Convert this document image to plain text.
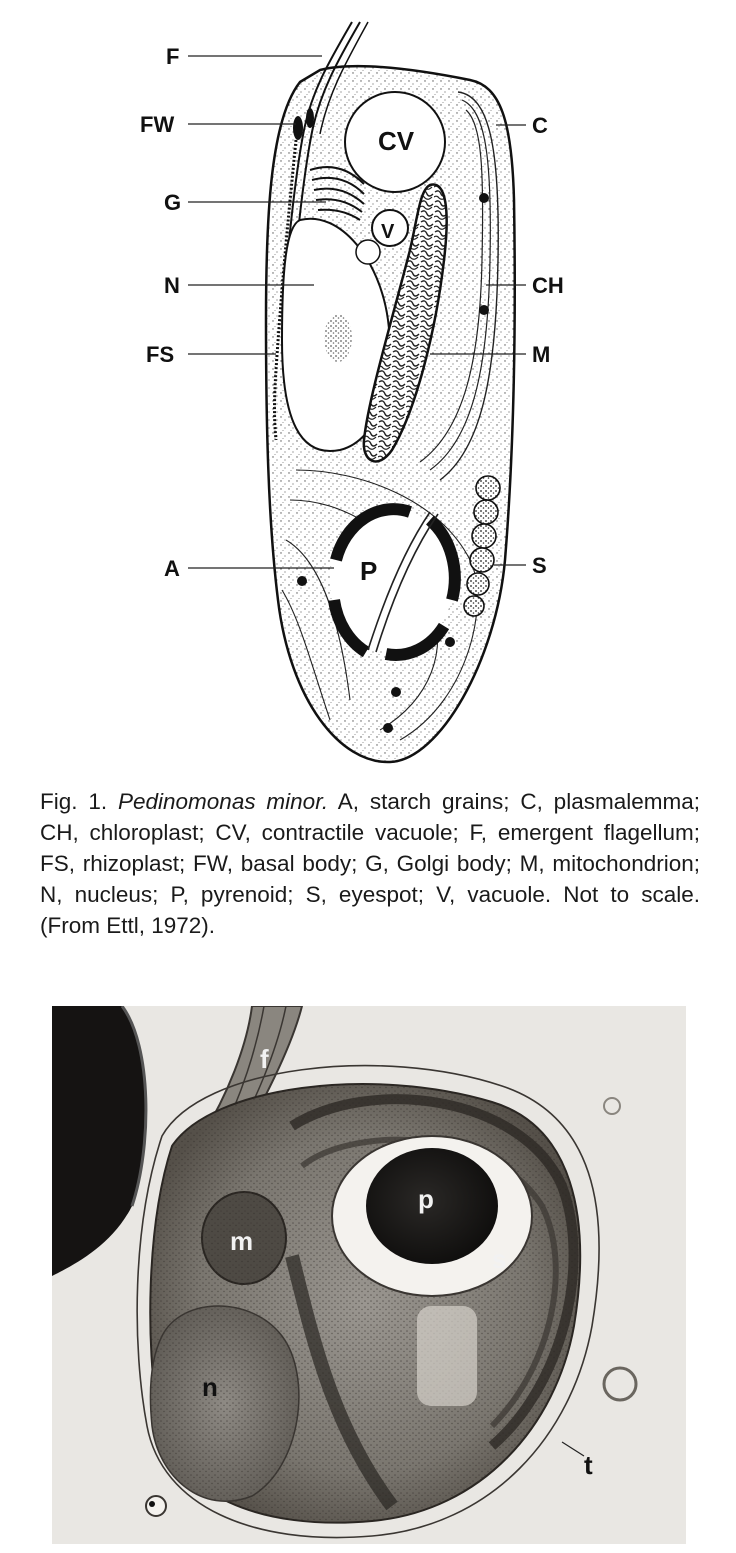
CV
V
P
F
FW
G
N
FS
A
C
CH
M
S
Fig. 1. Pedinomonas minor. A, starch grains; C, plasmalemma; CH, chloroplast; CV, contractile vacuole; F, emergent flagellum; FS, rhizoplast; FW, basal body; G, Golgi body; M, mitochondrion; N, nucleus; P, pyrenoid; S, eyespot; V, vacuole. Not to scale. (From Ettl, 1972).
f
m
p
s
n
t
